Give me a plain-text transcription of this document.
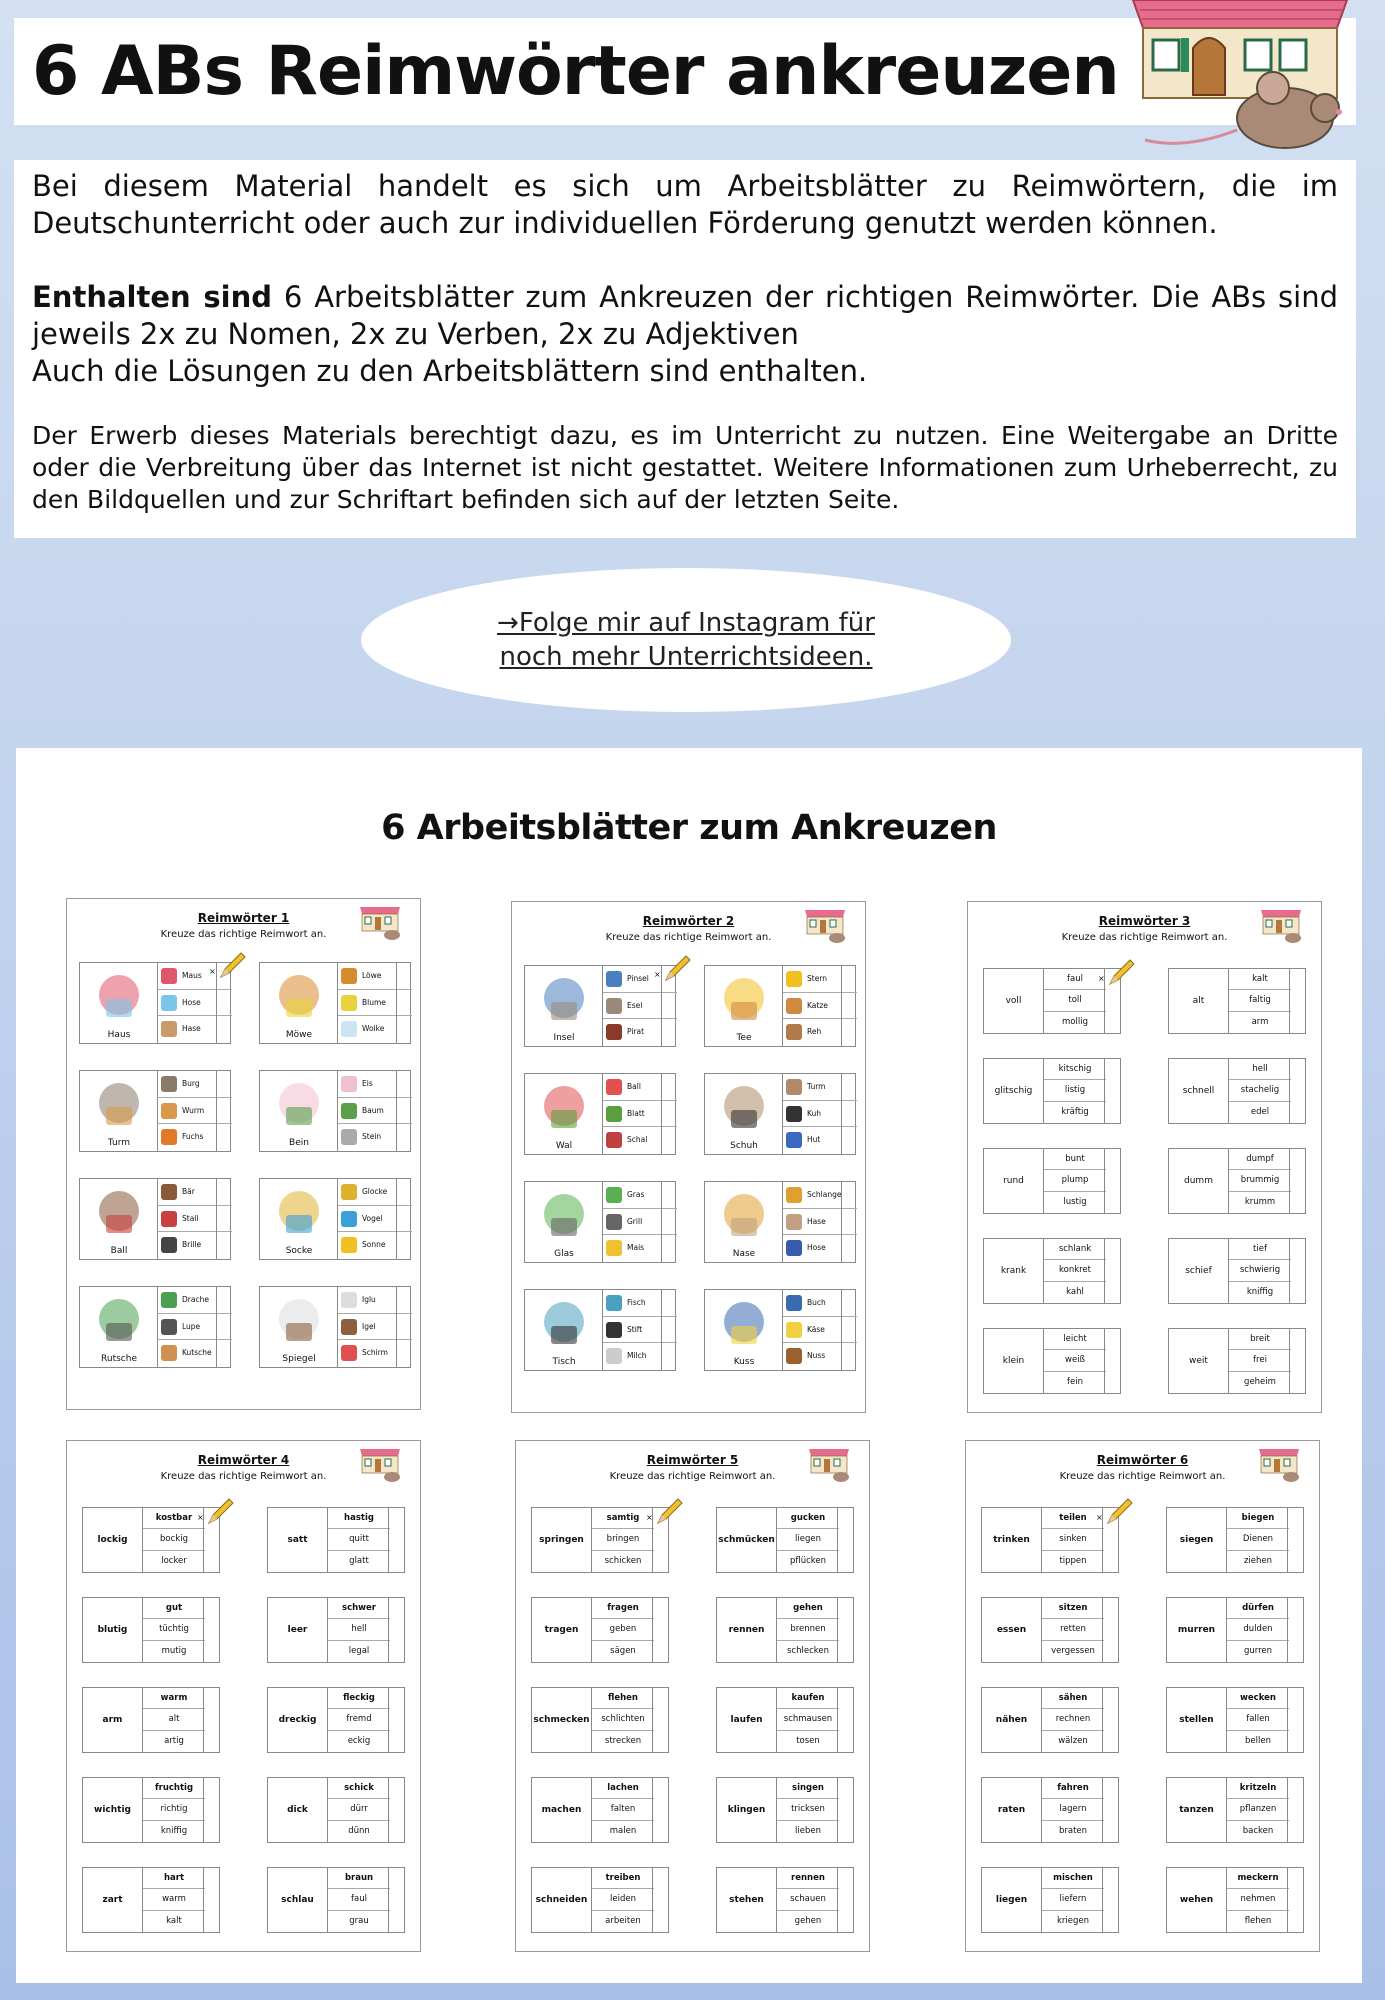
6 ABs Reimwörter ankreuzen

Bei diesem Material handelt es sich um Arbeitsblätter zu Reimwörtern, die im Deutschunterricht oder auch zur individuellen Förderung genutzt werden können.

Enthalten sind 6 Arbeitsblätter zum Ankreuzen der richtigen Reimwörter. Die ABs sind jeweils 2x zu Nomen, 2x zu Verben, 2x zu Adjektiven

Auch die Lösungen zu den Arbeitsblättern sind enthalten.

Der Erwerb dieses Materials berechtigt dazu, es im Unterricht zu nutzen. Eine Weitergabe an Dritte oder die Verbreitung über das Internet ist nicht gestattet. Weitere Informationen zum Urheberrecht, zu den Bildquellen und zur Schriftart befinden sich auf der letzten Seite.

→Folge mir auf Instagram für
noch mehr Unterrichtsideen.
6 Arbeitsblätter zum Ankreuzen
Reimwörter 1
Kreuze das richtige Reimwort an.
Haus
Maus
Hose
Hase
Möwe
Löwe
Blume
Wolke
Turm
Burg
Wurm
Fuchs
Bein
Eis
Baum
Stein
Ball
Bär
Stall
Brille
Socke
Glocke
Vogel
Sonne
Rutsche
Drache
Lupe
Kutsche
Spiegel
Iglu
Igel
Schirm
×
Reimwörter 2
Kreuze das richtige Reimwort an.
Insel
Pinsel
Esel
Pirat
Tee
Stern
Katze
Reh
Wal
Ball
Blatt
Schal
Schuh
Turm
Kuh
Hut
Glas
Gras
Grill
Mais
Nase
Schlange
Hase
Hose
Tisch
Fisch
Stift
Milch
Kuss
Buch
Käse
Nuss
×
Reimwörter 3
Kreuze das richtige Reimwort an.
voll
faul
toll
mollig
alt
kalt
faltig
arm
glitschig
kitschig
listig
kräftig
schnell
hell
stachelig
edel
rund
bunt
plump
lustig
dumm
dumpf
brummig
krumm
krank
schlank
konkret
kahl
schief
tief
schwierig
kniffig
klein
leicht
weiß
fein
weit
breit
frei
geheim
×
Reimwörter 4
Kreuze das richtige Reimwort an.
lockig
kostbar
bockig
locker
satt
hastig
quitt
glatt
blutig
gut
tüchtig
mutig
leer
schwer
hell
legal
arm
warm
alt
artig
dreckig
fleckig
fremd
eckig
wichtig
fruchtig
richtig
kniffig
dick
schick
dürr
dünn
zart
hart
warm
kalt
schlau
braun
faul
grau
×
Reimwörter 5
Kreuze das richtige Reimwort an.
springen
samtig
bringen
schicken
schmücken
gucken
liegen
pflücken
tragen
fragen
geben
sägen
rennen
gehen
brennen
schlecken
schmecken
flehen
schlichten
strecken
laufen
kaufen
schmausen
tosen
machen
lachen
falten
malen
klingen
singen
tricksen
lieben
schneiden
treiben
leiden
arbeiten
stehen
rennen
schauen
gehen
×
Reimwörter 6
Kreuze das richtige Reimwort an.
trinken
teilen
sinken
tippen
siegen
biegen
Dienen
ziehen
essen
sitzen
retten
vergessen
murren
dürfen
dulden
gurren
nähen
sähen
rechnen
wälzen
stellen
wecken
fallen
bellen
raten
fahren
lagern
braten
tanzen
kritzeln
pflanzen
backen
liegen
mischen
liefern
kriegen
wehen
meckern
nehmen
flehen
×
